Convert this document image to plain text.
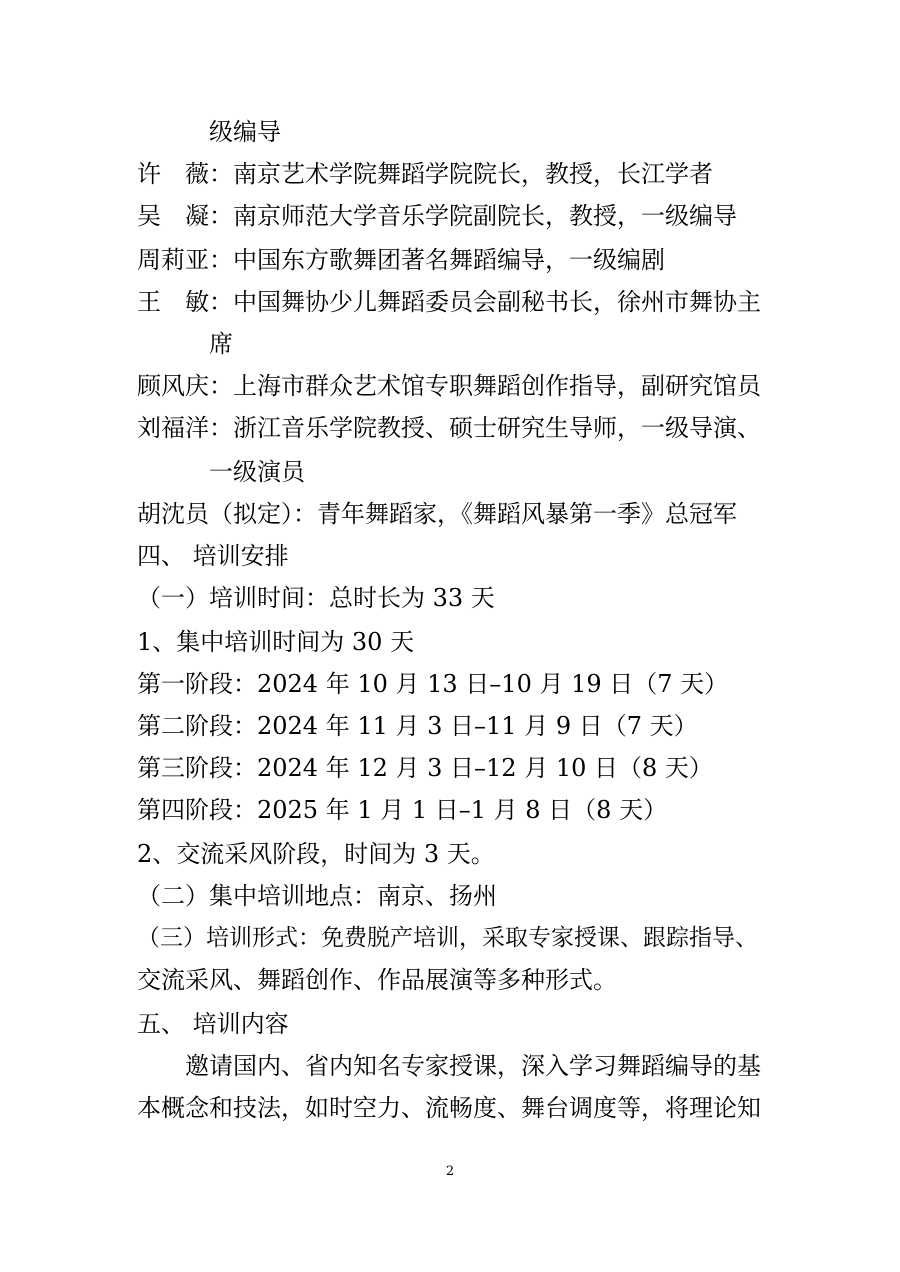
　　　级编导
许　薇：南京艺术学院舞蹈学院院长，教授，长江学者
吴　凝：南京师范大学音乐学院副院长，教授，一级编导
周莉亚：中国东方歌舞团著名舞蹈编导，一级编剧
王　敏：中国舞协少儿舞蹈委员会副秘书长，徐州市舞协主
　　　席
顾风庆：上海市群众艺术馆专职舞蹈创作指导，副研究馆员
刘福洋：浙江音乐学院教授、硕士研究生导师，一级导演、
　　　一级演员
胡沈员（拟定）：青年舞蹈家，《舞蹈风暴第一季》总冠军
四、 培训安排
（一）培训时间：总时长为 33 天
1、集中培训时间为 30 天
第一阶段：2024 年 10 月 13 日–10 月 19 日（7 天）
第二阶段：2024 年 11 月 3 日–11 月 9 日（7 天）
第三阶段：2024 年 12 月 3 日–12 月 10 日（8 天）
第四阶段：2025 年 1 月 1 日–1 月 8 日（8 天）
2、交流采风阶段，时间为 3 天。
（二）集中培训地点：南京、扬州
（三）培训形式：免费脱产培训，采取专家授课、跟踪指导、
交流采风、舞蹈创作、作品展演等多种形式。
五、 培训内容
　　邀请国内、省内知名专家授课，深入学习舞蹈编导的基
本概念和技法，如时空力、流畅度、舞台调度等，将理论知
2
